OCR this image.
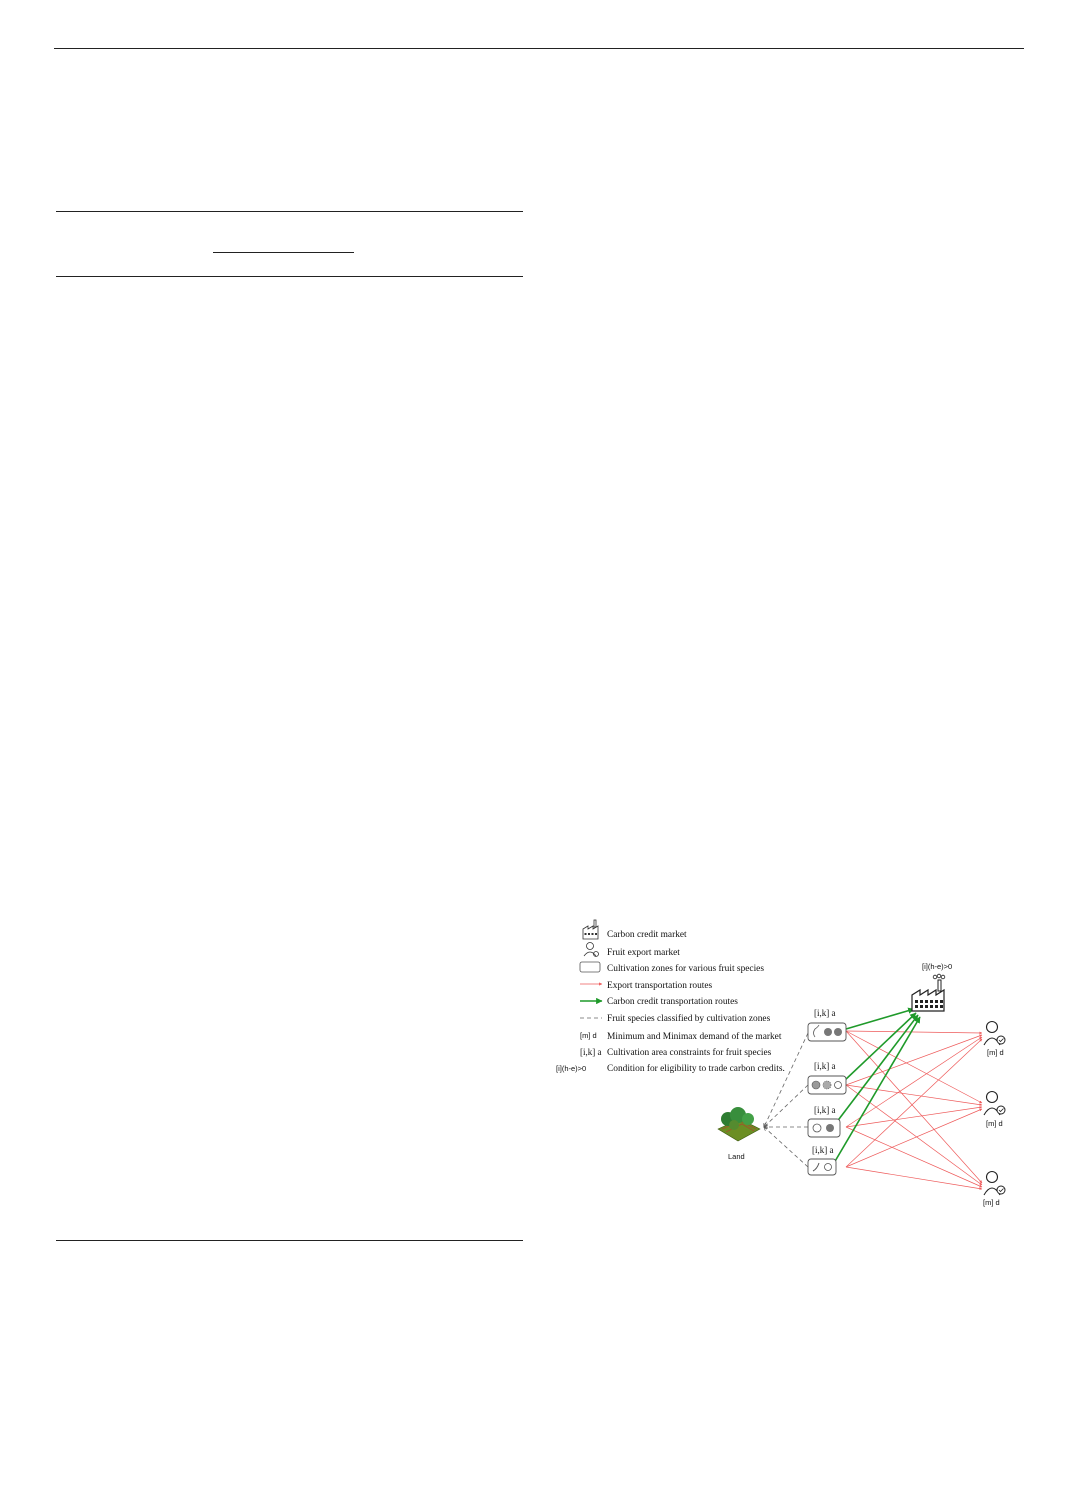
Carbon credit market
Fruit export market
Cultivation zones for various fruit species
Export transportation routes
Carbon credit transportation routes
Fruit species classified by cultivation zones
[m] d Minimum and Minimax demand of the market
[i,k] a Cultivation area constraints for fruit species
[i](h-e)>0 Condition for eligibility to trade carbon credits.
[i](h-e)>0
Land
[i,k] a
[i,k] a
[i,k] a
[i,k] a
[m] d
[m] d
[m] d
